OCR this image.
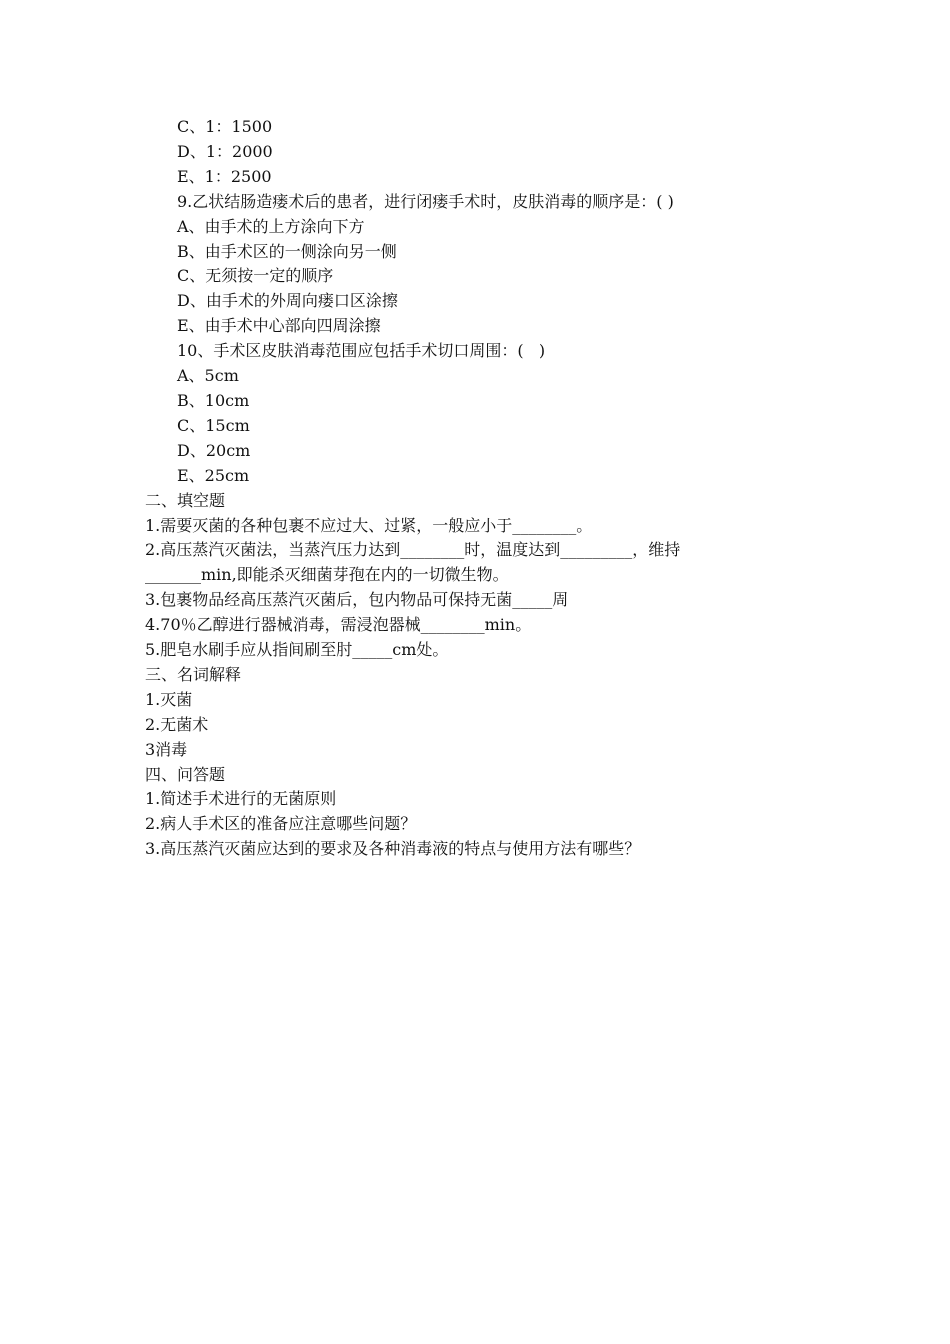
C、1：1500

D、1：2000

E、1：2500

9.乙状结肠造瘘术后的患者，进行闭瘘手术时，皮肤消毒的顺序是：( )

A、由手术的上方涂向下方

B、由手术区的一侧涂向另一侧

C、无须按一定的顺序

D、由手术的外周向瘘口区涂擦

E、由手术中心部向四周涂擦

10、手术区皮肤消毒范围应包括手术切口周围：(   )

A、5cm

B、10cm

C、15cm

D、20cm

E、25cm

二、填空题

1.需要灭菌的各种包裹不应过大、过紧，一般应小于________。

2.高压蒸汽灭菌法，当蒸汽压力达到________时，温度达到_________，维持

_______min,即能杀灭细菌芽孢在内的一切微生物。

3.包裹物品经高压蒸汽灭菌后，包内物品可保持无菌_____周

4.70％乙醇进行器械消毒，需浸泡器械________min。

5.肥皂水刷手应从指间刷至肘_____cm处。

三、名词解释

1.灭菌

2.无菌术

3消毒

四、问答题

1.简述手术进行的无菌原则

2.病人手术区的准备应注意哪些问题？

3.高压蒸汽灭菌应达到的要求及各种消毒液的特点与使用方法有哪些？
